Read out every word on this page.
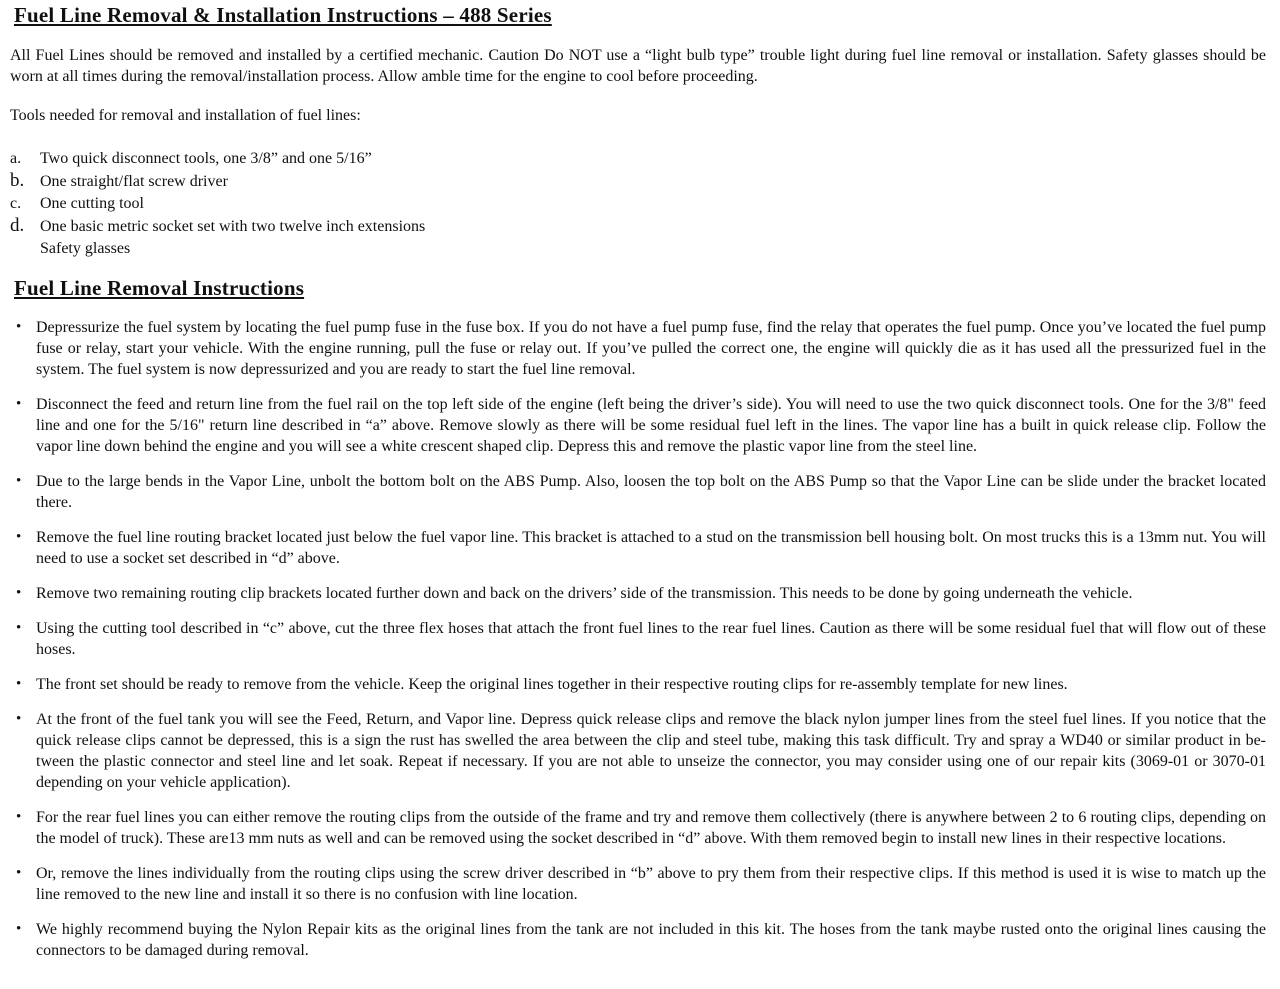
Fuel Line Removal & Installation Instructions – 488 Series

All Fuel Lines should be removed and installed by a certified mechanic. Caution Do NOT use a “light bulb type” trouble light during fuel line removal or installation. Safety glasses should be worn at all times during the removal/installation process. Allow amble time for the engine to cool before proceeding.

Tools needed for removal and installation of fuel lines:

a.	Two quick disconnect tools, one 3/8” and one 5/16”
b. One straight/flat screw driver
c.	One cutting tool
d. One basic metric socket set with two twelve inch extensions
Safety glasses
Fuel Line Removal Instructions
• Depressurize the fuel system by locating the fuel pump fuse in the fuse box. If you do not have a fuel pump fuse, find the relay that operates the fuel pump. Once you’ve located the fuel pump fuse or relay, start your vehicle. With the engine running, pull the fuse or relay out. If you’ve pulled the correct one, the engine will quickly die as it has used all the pressurized fuel in the system. The fuel system is now depressurized and you are ready to start the fuel line removal.

• Disconnect the feed and return line from the fuel rail on the top left side of the engine (left being the driver’s side). You will need to use the two quick disconnect tools. One for the 3/8" feed line and one for the 5/16" return line described in “a” above. Remove slowly as there will be some residual fuel left in the lines. The vapor line has a built in quick release clip. Follow the vapor line down behind the engine and you will see a white crescent shaped clip. Depress this and remove the plastic vapor line from the steel line.

• Due to the large bends in the Vapor Line, unbolt the bottom bolt on the ABS Pump. Also, loosen the top bolt on the ABS Pump so that the Vapor Line can be slide under the bracket located there.

• Remove the fuel line routing bracket located just below the fuel vapor line. This bracket is attached to a stud on the transmission bell housing bolt. On most trucks this is a 13mm nut. You will need to use a socket set described in “d” above.

• Remove two remaining routing clip brackets located further down and back on the drivers’ side of the transmission. This needs to be done by going underneath the vehicle.

• Using the cutting tool described in “c” above, cut the three flex hoses that attach the front fuel lines to the rear fuel lines. Caution as there will be some residual fuel that will flow out of these hoses.

• The front set should be ready to remove from the vehicle. Keep the original lines together in their respective routing clips for re-assembly template for new lines.

• At the front of the fuel tank you will see the Feed, Return, and Vapor line. Depress quick release clips and remove the black nylon jumper lines from the steel fuel lines. If you notice that the quick release clips cannot be depressed, this is a sign the rust has swelled the area between the clip and steel tube, making this task difficult. Try and spray a WD40 or similar product in be-tween the plastic connector and steel line and let soak. Repeat if necessary. If you are not able to unseize the connector, you may consider using one of our repair kits (3069-01 or 3070-01 depending on your vehicle application).

• For the rear fuel lines you can either remove the routing clips from the outside of the frame and try and remove them collectively (there is anywhere between 2 to 6 routing clips, depending on the model of truck). These are13 mm nuts as well and can be removed using the socket described in “d” above. With them removed begin to install new lines in their respective locations.

• Or, remove the lines individually from the routing clips using the screw driver described in “b” above to pry them from their respective clips. If this method is used it is wise to match up the line removed to the new line and install it so there is no confusion with line location.

• We highly recommend buying the Nylon Repair kits as the original lines from the tank are not included in this kit. The hoses from the tank maybe rusted onto the original lines causing the connectors to be damaged during removal.
